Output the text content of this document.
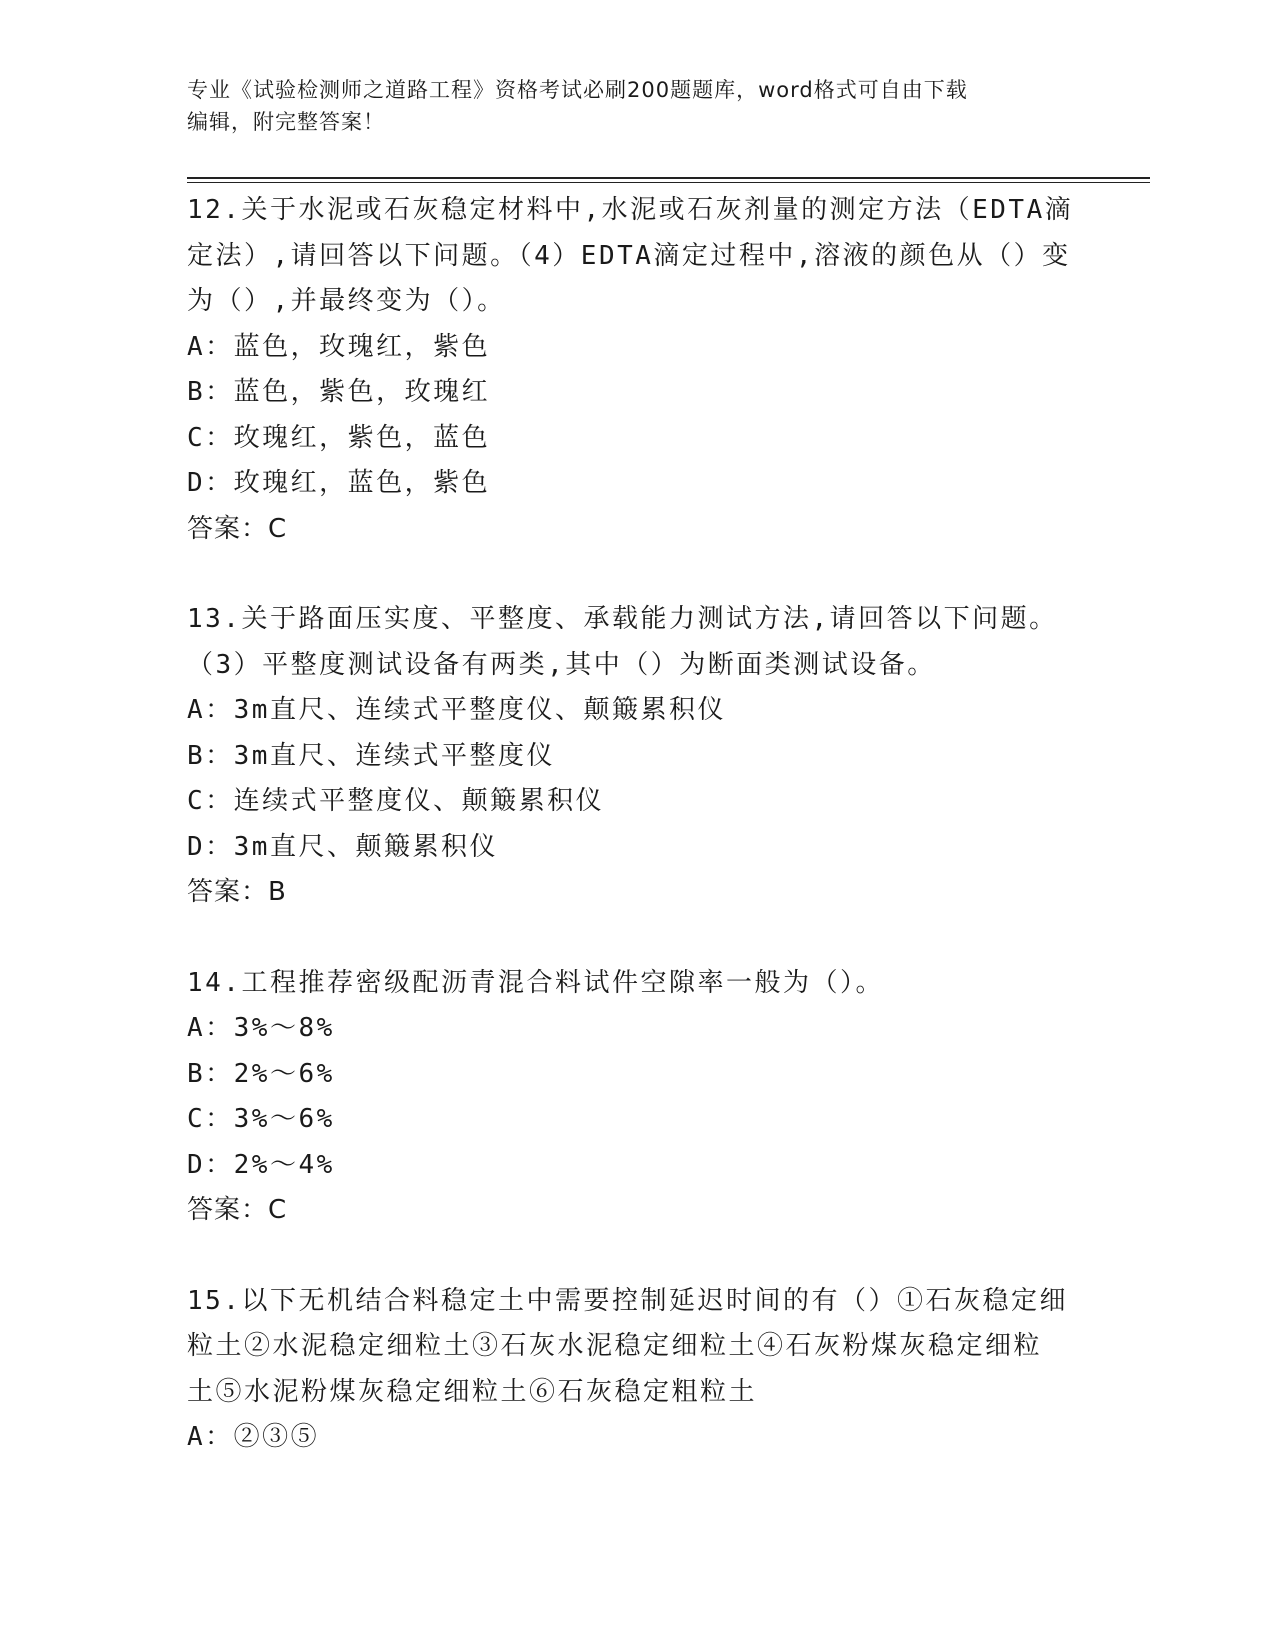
专业《试验检测师之道路工程》资格考试必刷200题题库，word格式可自由下载
编辑，附完整答案！
12.关于水泥或石灰稳定材料中,水泥或石灰剂量的测定方法（EDTA滴
定法）,请回答以下问题。（4）EDTA滴定过程中,溶液的颜色从（）变
为（）,并最终变为（）。
A：蓝色，玫瑰红，紫色
B：蓝色，紫色，玫瑰红
C：玫瑰红，紫色，蓝色
D：玫瑰红，蓝色，紫色
答案：C
13.关于路面压实度、平整度、承载能力测试方法,请回答以下问题。
（3）平整度测试设备有两类,其中（）为断面类测试设备。
A：3m直尺、连续式平整度仪、颠簸累积仪
B：3m直尺、连续式平整度仪
C：连续式平整度仪、颠簸累积仪
D：3m直尺、颠簸累积仪
答案：B
14.工程推荐密级配沥青混合料试件空隙率一般为（）。
A：3%～8%
B：2%～6%
C：3%～6%
D：2%～4%
答案：C
15.以下无机结合料稳定土中需要控制延迟时间的有（）①石灰稳定细
粒土②水泥稳定细粒土③石灰水泥稳定细粒土④石灰粉煤灰稳定细粒
土⑤水泥粉煤灰稳定细粒土⑥石灰稳定粗粒土
A：②③⑤
